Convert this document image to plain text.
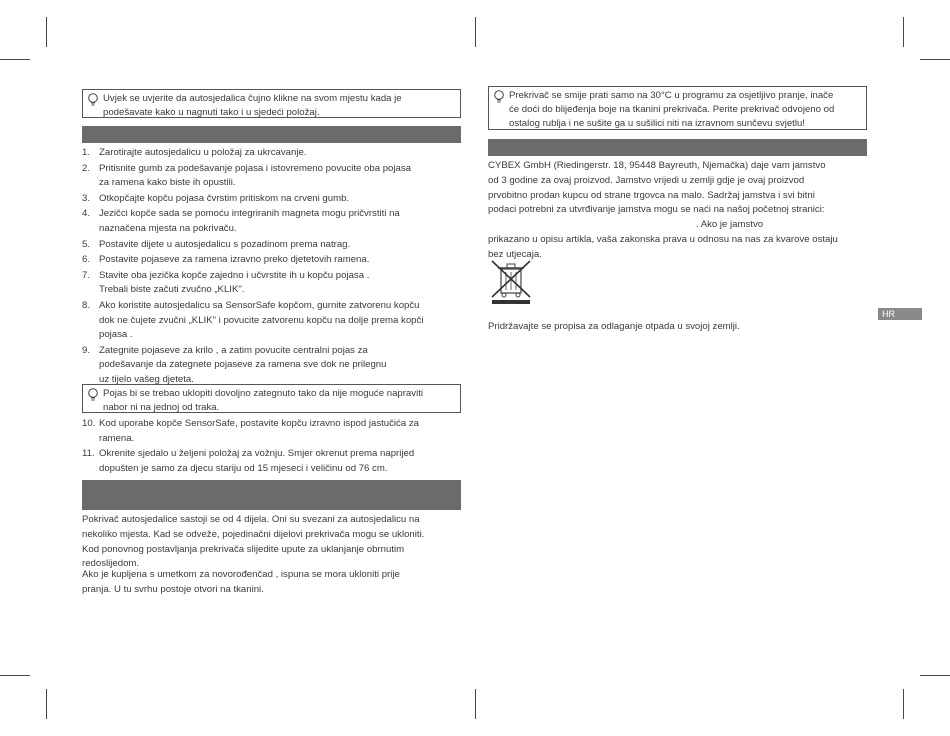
Uvjek se uvjerite da autosjedalica čujno klikne na svom mjestu kada je
podešavate kako u nagnuti tako i u sjedeći položaj.
1. Zarotirajte autosjedalicu u položaj za ukrcavanje.
2. Pritisnite gumb za podešavanje pojasa i istovremeno povucite oba pojasa
za ramena kako biste ih opustili.
3. Otkopčajte kopču pojasa čvrstim pritiskom na crveni gumb.
4. Jezičci kopče sada se pomoću integriranih magneta mogu pričvrstiti na
naznačena mjesta na pokrivaču.
5. Postavite dijete u autosjedalicu s pozadinom prema natrag.
6. Postavite pojaseve za ramena izravno preko djetetovih ramena.
7. Stavite oba jezička kopče zajedno i učvrstite ih u kopču pojasa .
Trebali biste začuti zvučno „KLIK".
8. Ako koristite autosjedalicu sa SensorSafe kopčom, gurnite zatvorenu kopču
dok ne čujete zvučni „KLIK" i povucite zatvorenu kopču na dolje prema kopči
pojasa .
9. Zategnite pojaseve za krilo , a zatim povucite centralni pojas za
podešavanje da zategnete pojaseve za ramena sve dok ne prilegnu
uz tijelo vašeg djeteta.
Pojas bi se trebao uklopiti dovoljno zategnuto tako da nije moguće napraviti
nabor ni na jednoj od traka.
10. Kod uporabe kopče SensorSafe, postavite kopču izravno ispod jastučića za
ramena.
11. Okrenite sjedalo u željeni položaj za vožnju. Smjer okrenut prema naprijed
dopušten je samo za djecu stariju od 15 mjeseci i veličinu od 76 cm.
Pokrivač autosjedalice sastoji se od 4 dijela. Oni su svezani za autosjedalicu na
nekoliko mjesta. Kad se odveže, pojedinačni dijelovi prekrivača mogu se ukloniti.
Kod ponovnog postavljanja prekrivača slijedite upute za uklanjanje obrnutim
redoslijedom.
Ako je kupljena s umetkom za novorođenčad , ispuna se mora ukloniti prije
pranja. U tu svrhu postoje otvori na tkanini.
Prekrivač se smije prati samo na 30°C u programu za osjetljivo pranje, inače
će doći do blijeđenja boje na tkanini prekrivača. Perite prekrivač odvojeno od
ostalog rublja i ne sušite ga u sušilici niti na izravnom sunčevu svjetlu!
CYBEX GmbH (Riedingerstr. 18, 95448 Bayreuth, Njemačka) daje vam jamstvo
od 3 godine za ovaj proizvod. Jamstvo vrijedi u zemlji gdje je ovaj proizvod
prvobitno prodan kupcu od strane trgovca na malo. Sadržaj jamstva i svi bitni
podaci potrebni za utvrđivanje jamstva mogu se naći na našoj početnoj stranici:
. Ako je jamstvo
prikazano u opisu artikla, vaša zakonska prava u odnosu na nas za kvarove ostaju
bez utjecaja.
Pridržavajte se propisa za odlaganje otpada u svojoj zemlji.
HR
